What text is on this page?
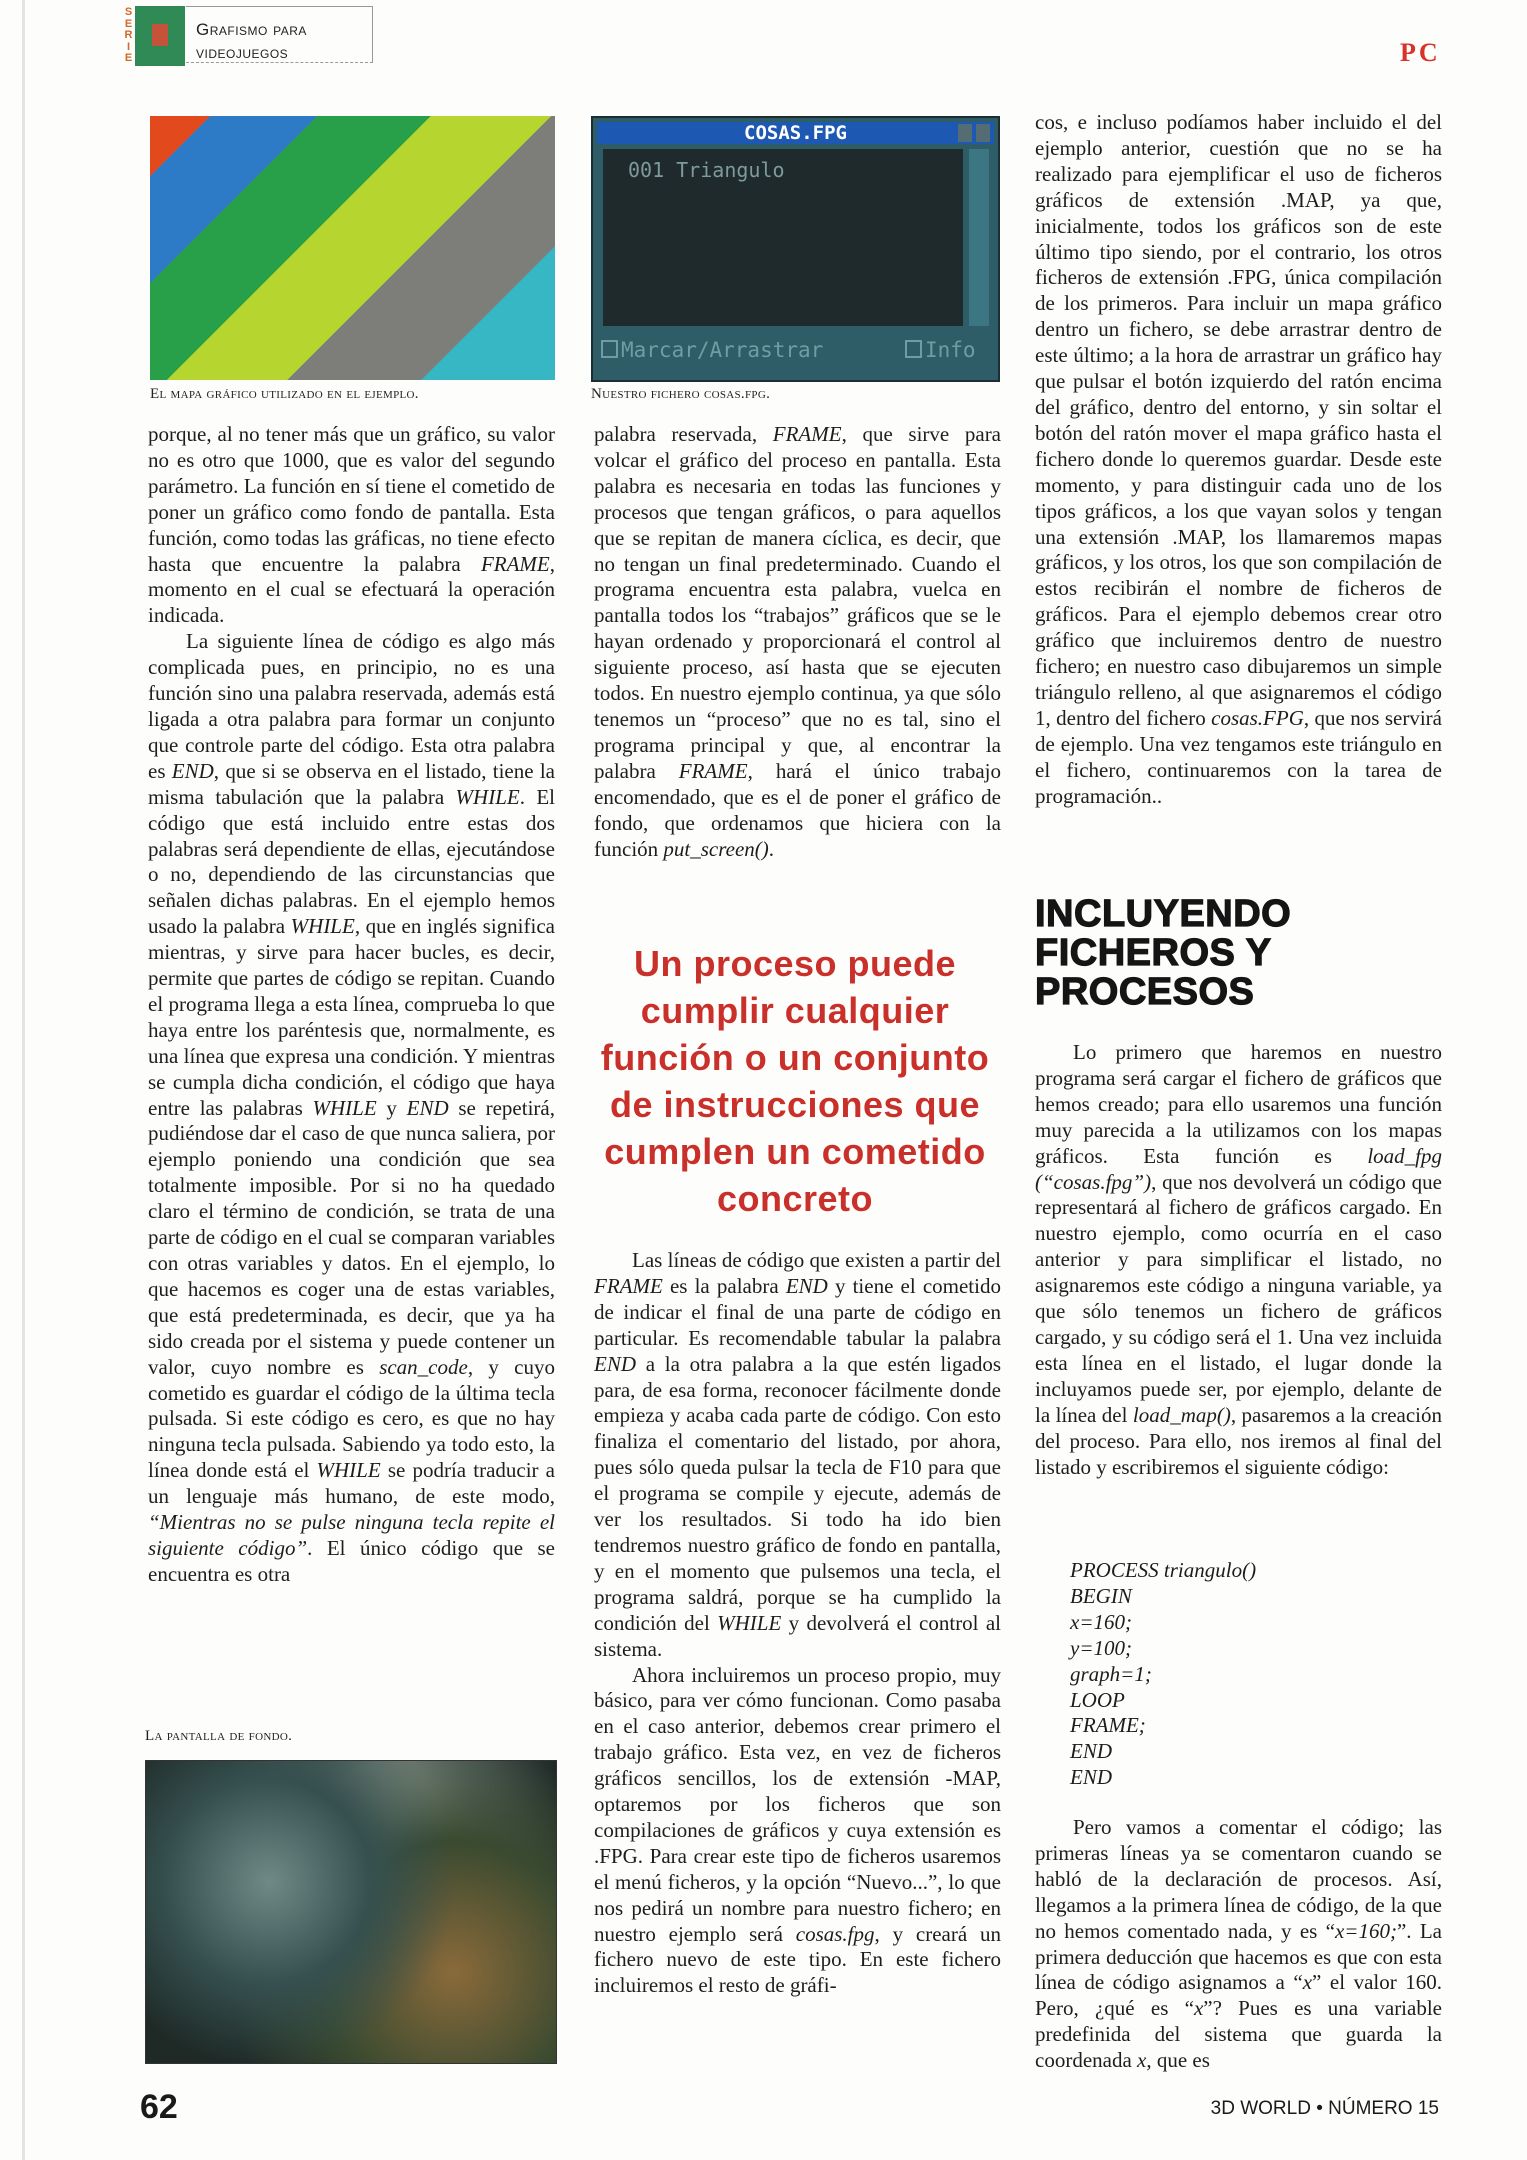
SERIE
Grafismo para
videojuegos	PC
El mapa gráfico utilizado en el ejemplo.

porque, al no tener más que un gráfico, su valor no es otro que 1000, que es valor del segundo parámetro. La función en sí tiene el cometido de poner un gráfico como fondo de pantalla. Esta función, como todas las gráficas, no tiene efecto hasta que encuentre la palabra FRAME, momento en el cual se efectuará la operación indicada.

La siguiente línea de código es algo más complicada pues, en principio, no es una función sino una palabra reservada, además está ligada a otra palabra para formar un conjunto que controle parte del código. Esta otra palabra es END, que si se observa en el listado, tiene la misma tabulación que la palabra WHILE. El código que está incluido entre estas dos palabras será dependiente de ellas, ejecutándose o no, dependiendo de las circunstancias que señalen dichas palabras. En el ejemplo hemos usado la palabra WHILE, que en inglés significa mientras, y sirve para hacer bucles, es decir, permite que partes de código se repitan. Cuando el programa llega a esta línea, comprueba lo que haya entre los paréntesis que, normalmente, es una línea que expresa una condición. Y mientras se cumpla dicha condición, el código que haya entre las palabras WHILE y END se repetirá, pudiéndose dar el caso de que nunca saliera, por ejemplo poniendo una condición que sea totalmente imposible. Por si no ha quedado claro el término de condición, se trata de una parte de código en el cual se comparan variables con otras variables y datos. En el ejemplo, lo que hacemos es coger una de estas variables, que está predeterminada, es decir, que ya ha sido creada por el sistema y puede contener un valor, cuyo nombre es scan_code, y cuyo cometido es guardar el código de la última tecla pulsada. Si este código es cero, es que no hay ninguna tecla pulsada. Sabiendo ya todo esto, la línea donde está el WHILE se podría traducir a un lenguaje más humano, de este modo, “Mientras no se pulse ninguna tecla repite el siguiente código”. El único código que se encuentra es otra

La pantalla de fondo.
COSAS.FPG
001 Triangulo
Marcar/Arrastrar	Info
Nuestro fichero cosas.fpg.

palabra reservada, FRAME, que sirve para volcar el gráfico del proceso en pantalla. Esta palabra es necesaria en todas las funciones y procesos que tengan gráficos, o para aquellos que se repitan de manera cíclica, es decir, que no tengan un final predeterminado. Cuando el programa encuentra esta palabra, vuelca en pantalla todos los “trabajos” gráficos que se le hayan ordenado y proporcionará el control al siguiente proceso, así hasta que se ejecuten todos. En nuestro ejemplo continua, ya que sólo tenemos un “proceso” que no es tal, sino el programa principal y que, al encontrar la palabra FRAME, hará el único trabajo encomendado, que es el de poner el gráfico de fondo, que ordenamos que hiciera con la función put_screen().

Un proceso puede cumplir cualquier función o un conjunto de instrucciones que cumplen un cometido concreto

Las líneas de código que existen a partir del FRAME es la palabra END y tiene el cometido de indicar el final de una parte de código en particular. Es recomendable tabular la palabra END a la otra palabra a la que estén ligados para, de esa forma, reconocer fácilmente donde empieza y acaba cada parte de código. Con esto finaliza el comentario del listado, por ahora, pues sólo queda pulsar la tecla de F10 para que el programa se compile y ejecute, además de ver los resultados. Si todo ha ido bien tendremos nuestro gráfico de fondo en pantalla, y en el momento que pulsemos una tecla, el programa saldrá, porque se ha cumplido la condición del WHILE y devolverá el control al sistema.

Ahora incluiremos un proceso propio, muy básico, para ver cómo funcionan. Como pasaba en el caso anterior, debemos crear primero el trabajo gráfico. Esta vez, en vez de ficheros gráficos sencillos, los de extensión -MAP, optaremos por los ficheros que son compilaciones de gráficos y cuya extensión es .FPG. Para crear este tipo de ficheros usaremos el menú ficheros, y la opción “Nuevo...”, lo que nos pedirá un nombre para nuestro fichero; en nuestro ejemplo será cosas.fpg, y creará un fichero nuevo de este tipo. En este fichero incluiremos el resto de gráfi-

cos, e incluso podíamos haber incluido el del ejemplo anterior, cuestión que no se ha realizado para ejemplificar el uso de ficheros gráficos de extensión .MAP, ya que, inicialmente, todos los gráficos son de este último tipo siendo, por el contrario, los otros ficheros de extensión .FPG, única compilación de los primeros. Para incluir un mapa gráfico dentro un fichero, se debe arrastrar dentro de este último; a la hora de arrastrar un gráfico hay que pulsar el botón izquierdo del ratón encima del gráfico, dentro del entorno, y sin soltar el botón del ratón mover el mapa gráfico hasta el fichero donde lo queremos guardar. Desde este momento, y para distinguir cada uno de los tipos gráficos, a los que vayan solos y tengan una extensión .MAP, los llamaremos mapas gráficos, y los otros, los que son compilación de estos recibirán el nombre de ficheros de gráficos. Para el ejemplo debemos crear otro gráfico que incluiremos dentro de nuestro fichero; en nuestro caso dibujaremos un simple triángulo relleno, al que asignaremos el código 1, dentro del fichero cosas.FPG, que nos servirá de ejemplo. Una vez tengamos este triángulo en el fichero, continuaremos con la tarea de programación..

INCLUYENDO
FICHEROS Y
PROCESOS

Lo primero que haremos en nuestro programa será cargar el fichero de gráficos que hemos creado; para ello usaremos una función muy parecida a la utilizamos con los mapas gráficos. Esta función es load_fpg (“cosas.fpg”), que nos devolverá un código que representará al fichero de gráficos cargado. En nuestro ejemplo, como ocurría en el caso anterior y para simplificar el listado, no asignaremos este código a ninguna variable, ya que sólo tenemos un fichero de gráficos cargado, y su código será el 1. Una vez incluida esta línea en el listado, el lugar donde la incluyamos puede ser, por ejemplo, delante de la línea del load_map(), pasaremos a la creación del proceso. Para ello, nos iremos al final del listado y escribiremos el siguiente código:

PROCESS triangulo()
BEGIN
x=160;
y=100;
graph=1;
LOOP
FRAME;
END
END

Pero vamos a comentar el código; las primeras líneas ya se comentaron cuando se habló de la declaración de procesos. Así, llegamos a la primera línea de código, de la que no hemos comentado nada, y es “x=160;”. La primera deducción que hacemos es que con esta línea de código asignamos a “x” el valor 160. Pero, ¿qué es “x”? Pues es una variable predefinida del sistema que guarda la coordenada x, que es

62	3D WORLD • NÚMERO 15
